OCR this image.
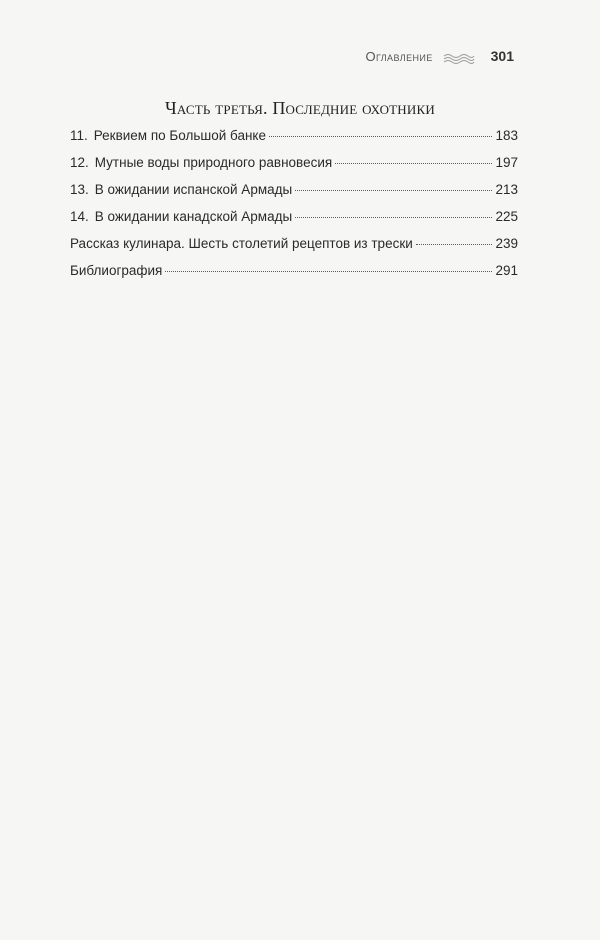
Оглавление	301
Часть третья. Последние охотники
11. Реквием по Большой банке	183
12. Мутные воды природного равновесия	197
13. В ожидании испанской Армады	213
14. В ожидании канадской Армады	225
Рассказ кулинара. Шесть столетий рецептов из трески	239
Библиография	291
